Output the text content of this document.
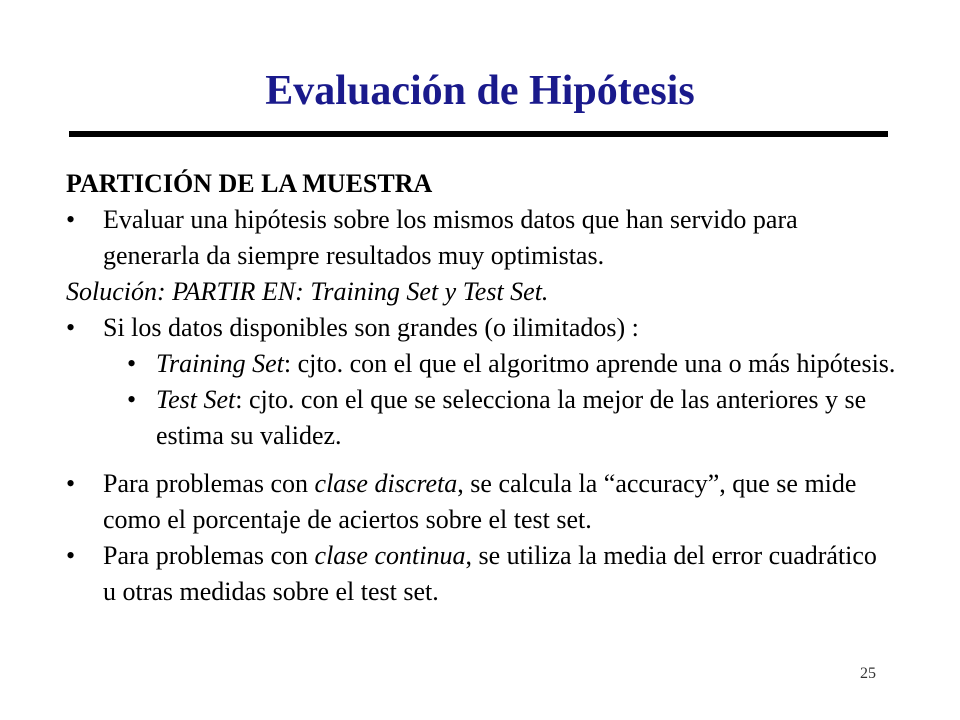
Evaluación de Hipótesis

PARTICIÓN DE LA MUESTRA

• Evaluar una hipótesis sobre los mismos datos que han servido para generarla da siempre resultados muy optimistas.

Solución: PARTIR EN: Training Set y Test Set.

• Si los datos disponibles son grandes (o ilimitados) :

• Training Set: cjto. con el que el algoritmo aprende una o más hipótesis.

• Test Set: cjto. con el que se selecciona la mejor de las anteriores y se estima su validez.

• Para problemas con clase discreta, se calcula la “accuracy”, que se mide como el porcentaje de aciertos sobre el test set.

• Para problemas con clase continua, se utiliza la media del error cuadrático u otras medidas sobre el test set.

25
